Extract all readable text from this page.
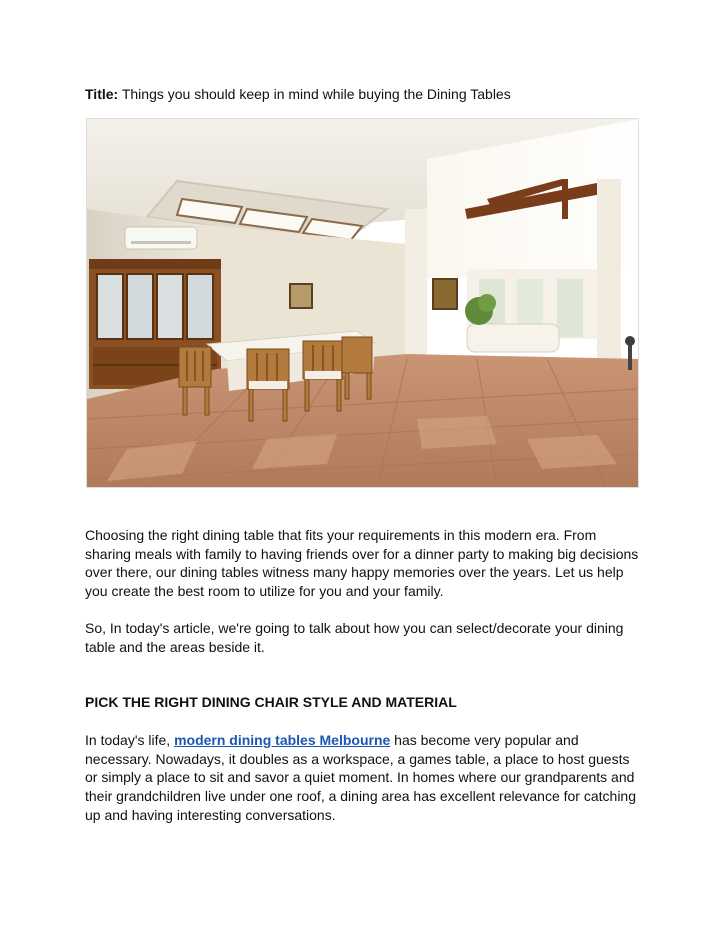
Title: Things you should keep in mind while buying the Dining Tables

Choosing the right dining table that fits your requirements in this modern era. From sharing meals with family to having friends over for a dinner party to making big decisions over there, our dining tables witness many happy memories over the years. Let us help you create the best room to utilize for you and your family.

So, In today's article, we're going to talk about how you can select/decorate your dining table and the areas beside it.

PICK THE RIGHT DINING CHAIR STYLE AND MATERIAL

In today's life, modern dining tables Melbourne has become very popular and necessary. Nowadays, it doubles as a workspace, a games table, a place to host guests or simply a place to sit and savor a quiet moment. In homes where our grandparents and their grandchildren live under one roof, a dining area has excellent relevance for catching up and having interesting conversations.
